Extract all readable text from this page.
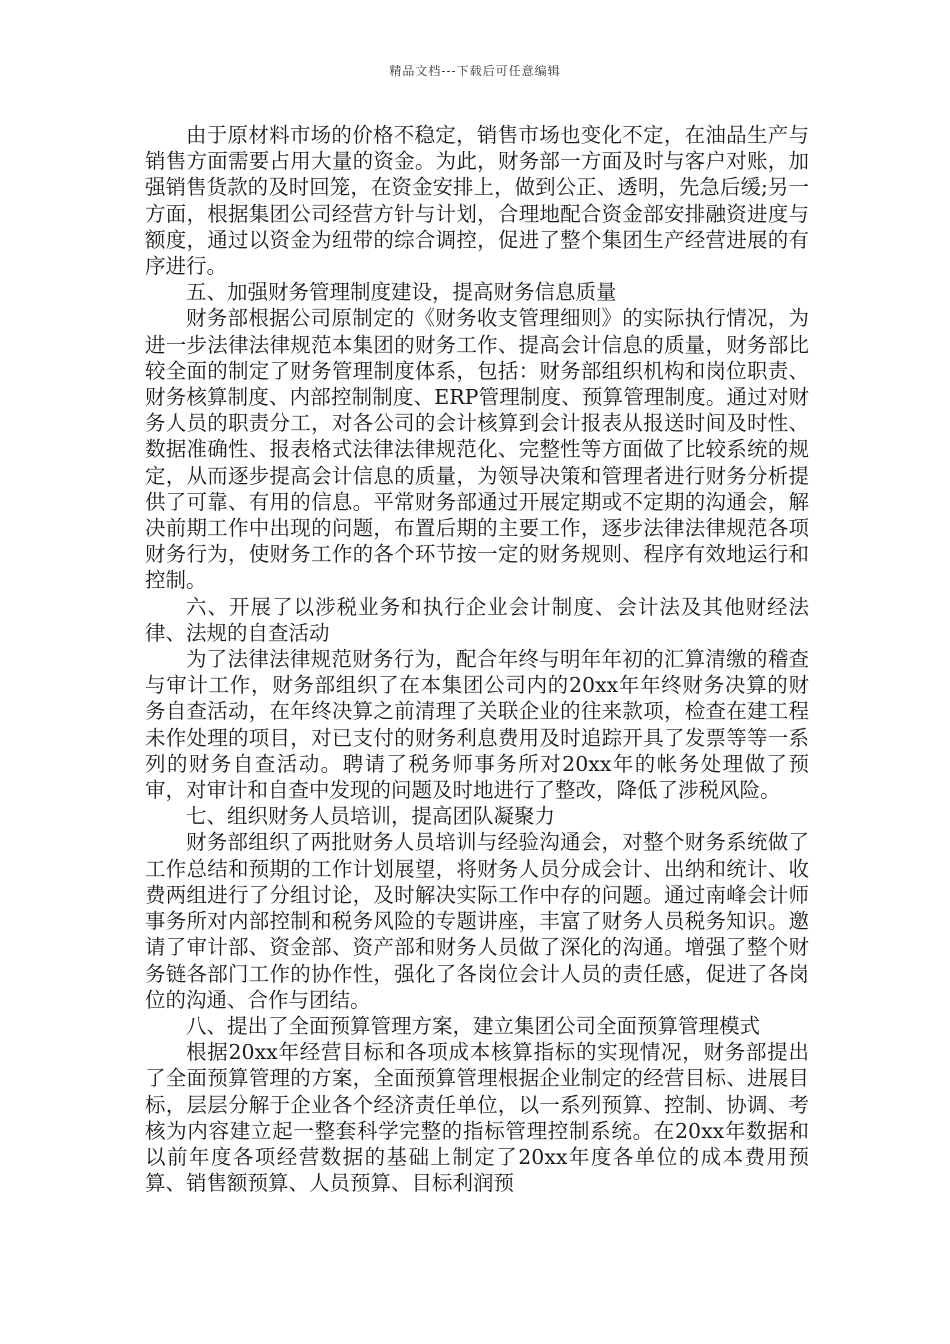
精品文档---下载后可任意编辑

由于原材料市场的价格不稳定，销售市场也变化不定，在油品生产与销售方面需要占用大量的资金。为此，财务部一方面及时与客户对账，加强销售货款的及时回笼，在资金安排上，做到公正、透明，先急后缓;另一方面，根据集团公司经营方针与计划，合理地配合资金部安排融资进度与额度，通过以资金为纽带的综合调控，促进了整个集团生产经营进展的有序进行。

五、加强财务管理制度建设，提高财务信息质量

财务部根据公司原制定的《财务收支管理细则》的实际执行情况，为进一步法律法律规范本集团的财务工作、提高会计信息的质量，财务部比较全面的制定了财务管理制度体系，包括：财务部组织机构和岗位职责、财务核算制度、内部控制制度、ERP管理制度、预算管理制度。通过对财务人员的职责分工，对各公司的会计核算到会计报表从报送时间及时性、数据准确性、报表格式法律法律规范化、完整性等方面做了比较系统的规定，从而逐步提高会计信息的质量，为领导决策和管理者进行财务分析提供了可靠、有用的信息。平常财务部通过开展定期或不定期的沟通会，解决前期工作中出现的问题，布置后期的主要工作，逐步法律法律规范各项财务行为，使财务工作的各个环节按一定的财务规则、程序有效地运行和控制。

六、开展了以涉税业务和执行企业会计制度、会计法及其他财经法律、法规的自查活动

为了法律法律规范财务行为，配合年终与明年年初的汇算清缴的稽查与审计工作，财务部组织了在本集团公司内的20xx年年终财务决算的财务自查活动，在年终决算之前清理了关联企业的往来款项，检查在建工程未作处理的项目，对已支付的财务利息费用及时追踪开具了发票等等一系列的财务自查活动。聘请了税务师事务所对20xx年的帐务处理做了预审，对审计和自查中发现的问题及时地进行了整改，降低了涉税风险。

七、组织财务人员培训，提高团队凝聚力

财务部组织了两批财务人员培训与经验沟通会，对整个财务系统做了工作总结和预期的工作计划展望，将财务人员分成会计、出纳和统计、收费两组进行了分组讨论，及时解决实际工作中存的问题。通过南峰会计师事务所对内部控制和税务风险的专题讲座，丰富了财务人员税务知识。邀请了审计部、资金部、资产部和财务人员做了深化的沟通。增强了整个财务链各部门工作的协作性，强化了各岗位会计人员的责任感，促进了各岗位的沟通、合作与团结。

八、提出了全面预算管理方案，建立集团公司全面预算管理模式

根据20xx年经营目标和各项成本核算指标的实现情况，财务部提出了全面预算管理的方案，全面预算管理根据企业制定的经营目标、进展目标，层层分解于企业各个经济责任单位，以一系列预算、控制、协调、考核为内容建立起一整套科学完整的指标管理控制系统。在20xx年数据和以前年度各项经营数据的基础上制定了20xx年度各单位的成本费用预算、销售额预算、人员预算、目标利润预
